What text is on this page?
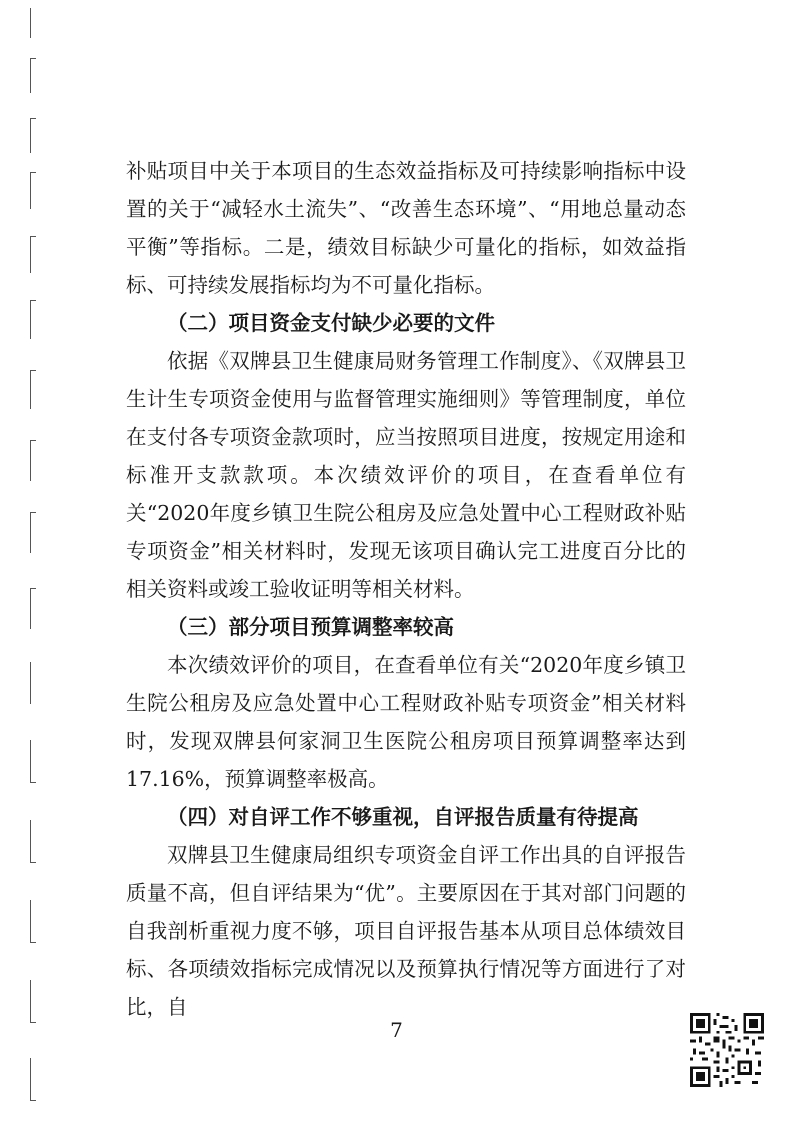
补贴项目中关于本项目的生态效益指标及可持续影响指标中设置的关于“减轻水土流失”、“改善生态环境”、“用地总量动态平衡”等指标。二是，绩效目标缺少可量化的指标，如效益指标、可持续发展指标均为不可量化指标。

（二）项目资金支付缺少必要的文件

依据《双牌县卫生健康局财务管理工作制度》、《双牌县卫生计生专项资金使用与监督管理实施细则》等管理制度，单位在支付各专项资金款项时，应当按照项目进度，按规定用途和标准开支款款项。本次绩效评价的项目，在查看单位有关“2020年度乡镇卫生院公租房及应急处置中心工程财政补贴专项资金”相关材料时，发现无该项目确认完工进度百分比的相关资料或竣工验收证明等相关材料。

（三）部分项目预算调整率较高

本次绩效评价的项目，在查看单位有关“2020年度乡镇卫生院公租房及应急处置中心工程财政补贴专项资金”相关材料时，发现双牌县何家洞卫生医院公租房项目预算调整率达到17.16%，预算调整率极高。

（四）对自评工作不够重视，自评报告质量有待提高

双牌县卫生健康局组织专项资金自评工作出具的自评报告质量不高，但自评结果为“优”。主要原因在于其对部门问题的自我剖析重视力度不够，项目自评报告基本从项目总体绩效目标、各项绩效指标完成情况以及预算执行情况等方面进行了对比，自

7
